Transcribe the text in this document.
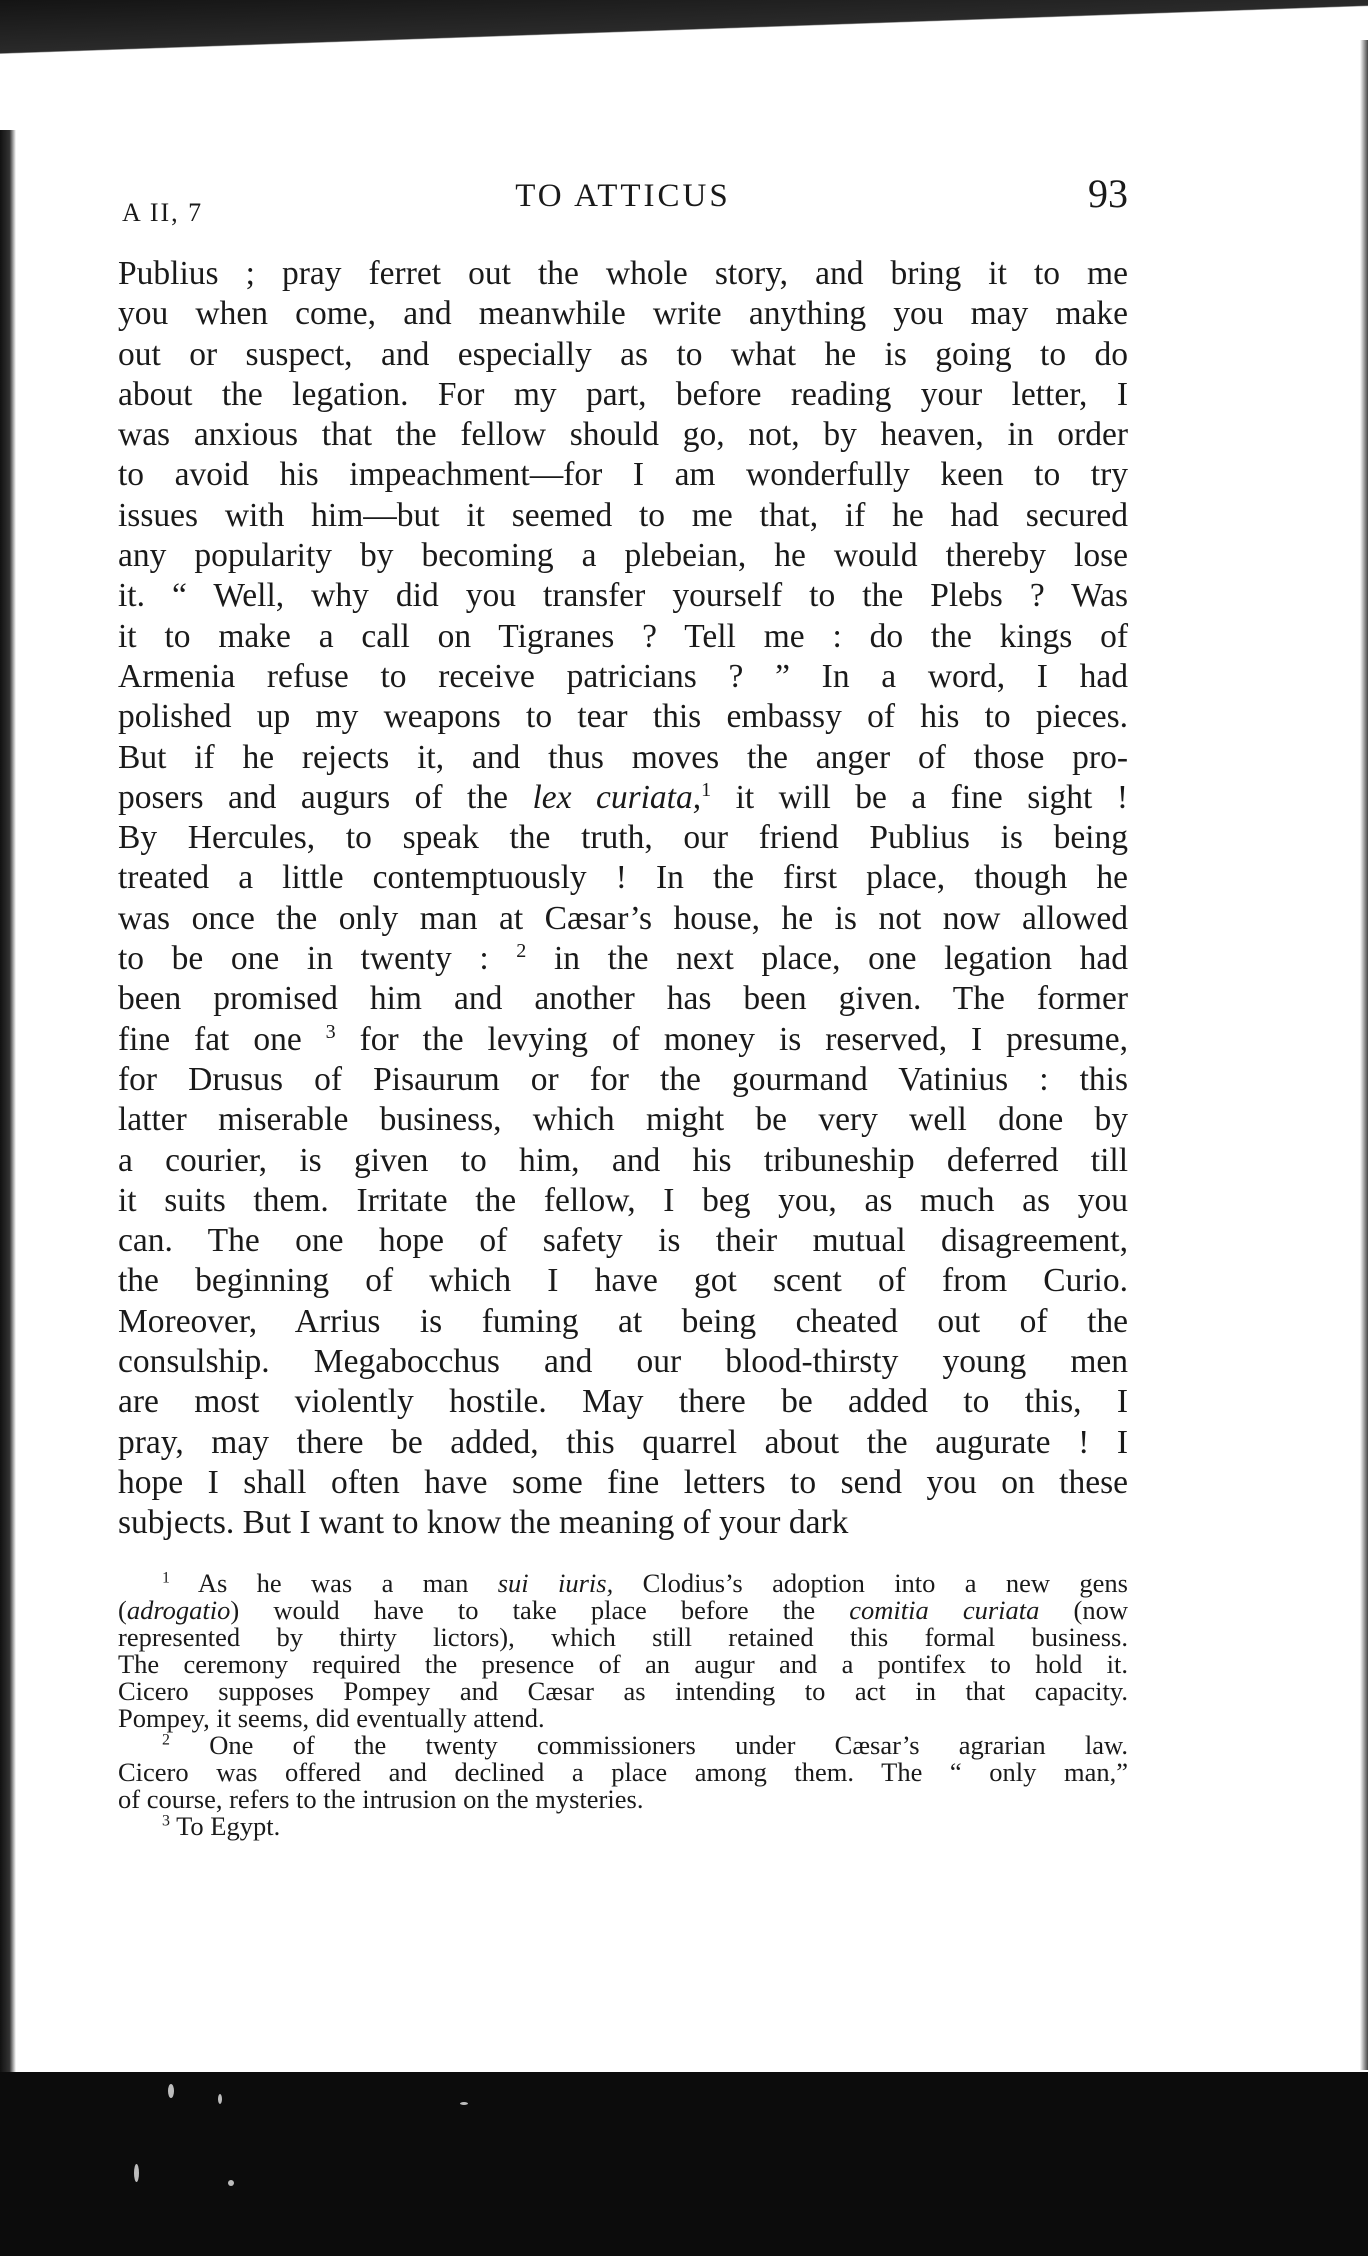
A II, 7	TO ATTICUS	93
Publius ; pray ferret out the whole story, and bring it to me
you when come, and meanwhile write anything you may make
out or suspect, and especially as to what he is going to do
about the legation. For my part, before reading your letter, I
was anxious that the fellow should go, not, by heaven, in order
to avoid his impeachment—for I am wonderfully keen to try
issues with him—but it seemed to me that, if he had secured
any popularity by becoming a plebeian, he would thereby lose
it. “ Well, why did you transfer yourself to the Plebs ? Was
it to make a call on Tigranes ? Tell me : do the kings of
Armenia refuse to receive patricians ? ” In a word, I had
polished up my weapons to tear this embassy of his to pieces.
But if he rejects it, and thus moves the anger of those pro-
posers and augurs of the lex curiata,$^1$ it will be a fine sight !
By Hercules, to speak the truth, our friend Publius is being
treated a little contemptuously ! In the first place, though he
was once the only man at Cæsar’s house, he is not now allowed
to be one in twenty : $^2$ in the next place, one legation had
been promised him and another has been given. The former
fine fat one $^3$ for the levying of money is reserved, I presume,
for Drusus of Pisaurum or for the gourmand Vatinius : this
latter miserable business, which might be very well done by
a courier, is given to him, and his tribuneship deferred till
it suits them. Irritate the fellow, I beg you, as much as you
can. The one hope of safety is their mutual disagreement,
the beginning of which I have got scent of from Curio.
Moreover, Arrius is fuming at being cheated out of the
consulship. Megabocchus and our blood-thirsty young men
are most violently hostile. May there be added to this, I
pray, may there be added, this quarrel about the augurate ! I
hope I shall often have some fine letters to send you on these
subjects. But I want to know the meaning of your dark
$^1$ As he was a man sui iuris, Clodius’s adoption into a new gens
(adrogatio) would have to take place before the comitia curiata (now
represented by thirty lictors), which still retained this formal business.
The ceremony required the presence of an augur and a pontifex to hold it.
Cicero supposes Pompey and Cæsar as intending to act in that capacity.
Pompey, it seems, did eventually attend.
$^2$ One of the twenty commissioners under Cæsar’s agrarian law.
Cicero was offered and declined a place among them. The “ only man,”
of course, refers to the intrusion on the mysteries.
$^3$ To Egypt.
